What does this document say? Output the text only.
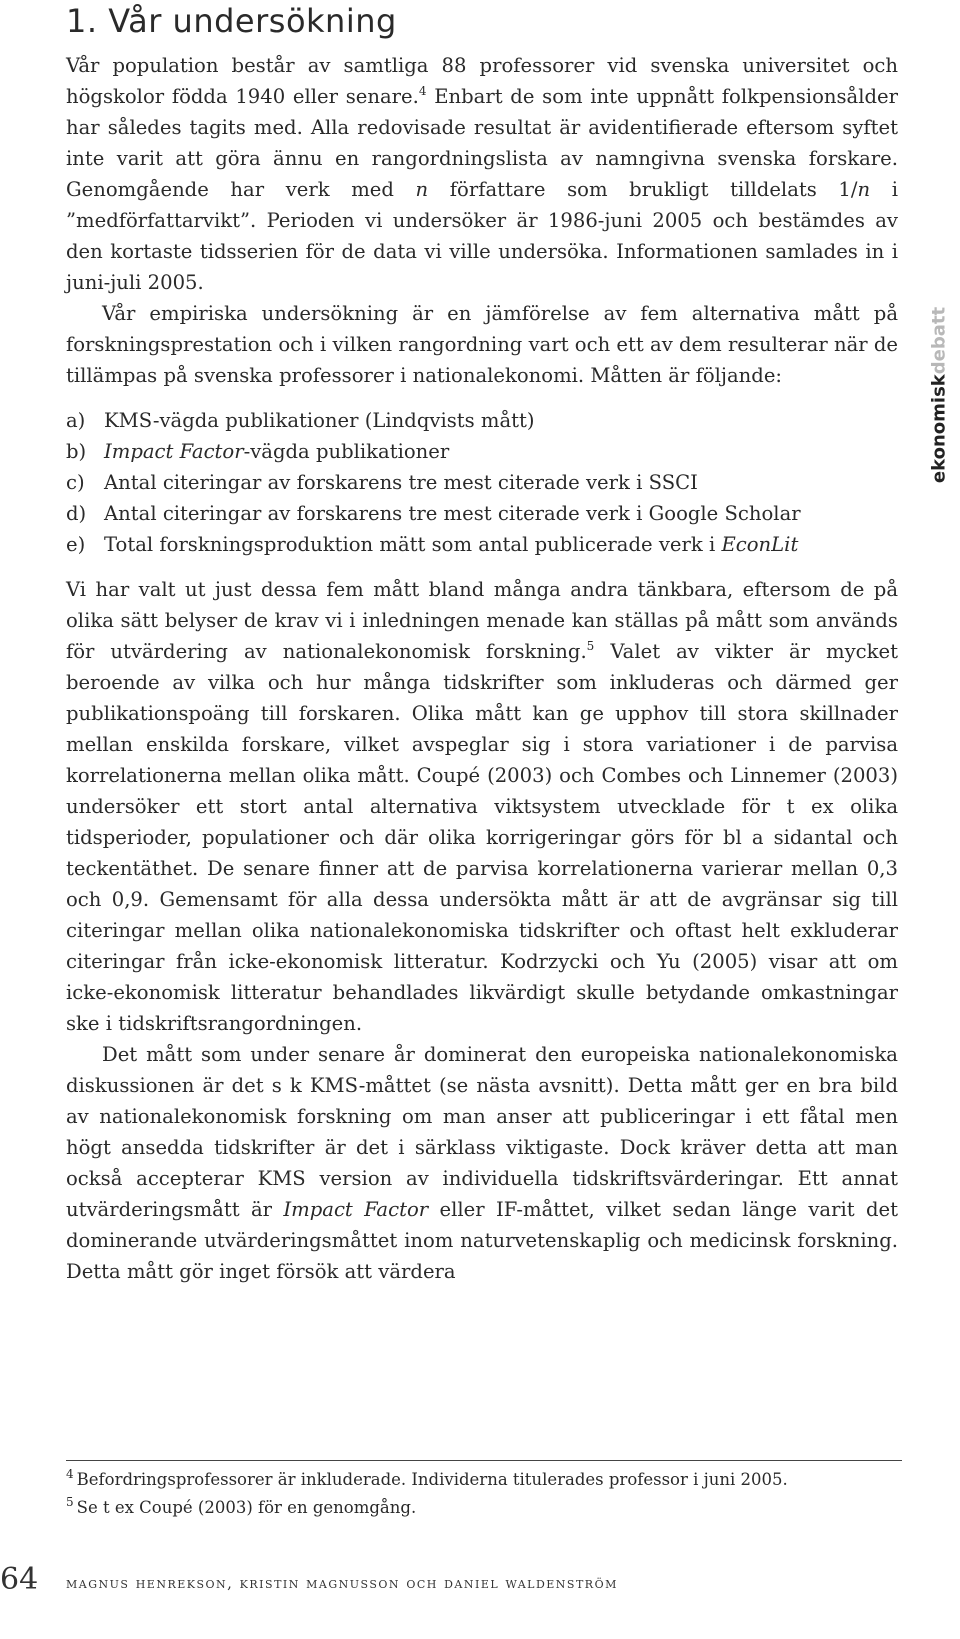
1. Vår undersökning

Vår population består av samtliga 88 professorer vid svenska universitet och högskolor födda 1940 eller senare.$^4$ Enbart de som inte uppnått folkpensionsålder har således tagits med. Alla redovisade resultat är avidentifierade eftersom syftet inte varit att göra ännu en rangordningslista av namngivna svenska forskare. Genomgående har verk med n författare som brukligt tilldelats 1/n i ”medförfattarvikt”. Perioden vi undersöker är 1986-juni 2005 och bestämdes av den kortaste tidsserien för de data vi ville undersöka. Informationen samlades in i juni-juli 2005.

Vår empiriska undersökning är en jämförelse av fem alternativa mått på forskningsprestation och i vilken rangordning vart och ett av dem resulterar när de tillämpas på svenska professorer i nationalekonomi. Måtten är följande:

a) KMS-vägda publikationer (Lindqvists mått)
b) Impact Factor-vägda publikationer
c) Antal citeringar av forskarens tre mest citerade verk i SSCI
d) Antal citeringar av forskarens tre mest citerade verk i Google Scholar
e) Total forskningsproduktion mätt som antal publicerade verk i EconLit

Vi har valt ut just dessa fem mått bland många andra tänkbara, eftersom de på olika sätt belyser de krav vi i inledningen menade kan ställas på mått som används för utvärdering av nationalekonomisk forskning.$^5$ Valet av vikter är mycket beroende av vilka och hur många tidskrifter som inkluderas och därmed ger publikationspoäng till forskaren. Olika mått kan ge upphov till stora skillnader mellan enskilda forskare, vilket avspeglar sig i stora variationer i de parvisa korrelationerna mellan olika mått. Coupé (2003) och Combes och Linnemer (2003) undersöker ett stort antal alternativa viktsystem utvecklade för t ex olika tidsperioder, populationer och där olika korrigeringar görs för bl a sidantal och teckentäthet. De senare finner att de parvisa korrelationerna varierar mellan 0,3 och 0,9. Gemensamt för alla dessa undersökta mått är att de avgränsar sig till citeringar mellan olika nationalekonomiska tidskrifter och oftast helt exkluderar citeringar från icke-ekonomisk litteratur. Kodrzycki och Yu (2005) visar att om icke-ekonomisk litteratur behandlades likvärdigt skulle betydande omkastningar ske i tidskriftsrangordningen.

Det mått som under senare år dominerat den europeiska nationalekonomiska diskussionen är det s k KMS-måttet (se nästa avsnitt). Detta mått ger en bra bild av nationalekonomisk forskning om man anser att publiceringar i ett fåtal men högt ansedda tidskrifter är det i särklass viktigaste. Dock kräver detta att man också accepterar KMS version av individuella tidskriftsvärderingar. Ett annat utvärderingsmått är Impact Factor eller IF-måttet, vilket sedan länge varit det dominerande utvärderingsmåttet inom naturvetenskaplig och medicinsk forskning. Detta mått gör inget försök att värdera

ekonomiskdebatt
$^4$ Befordringsprofessorer är inkluderade. Individerna titulerades professor i juni 2005.
$^5$ Se t ex Coupé (2003) för en genomgång.
64 magnus henrekson, kristin magnusson och daniel waldenström
